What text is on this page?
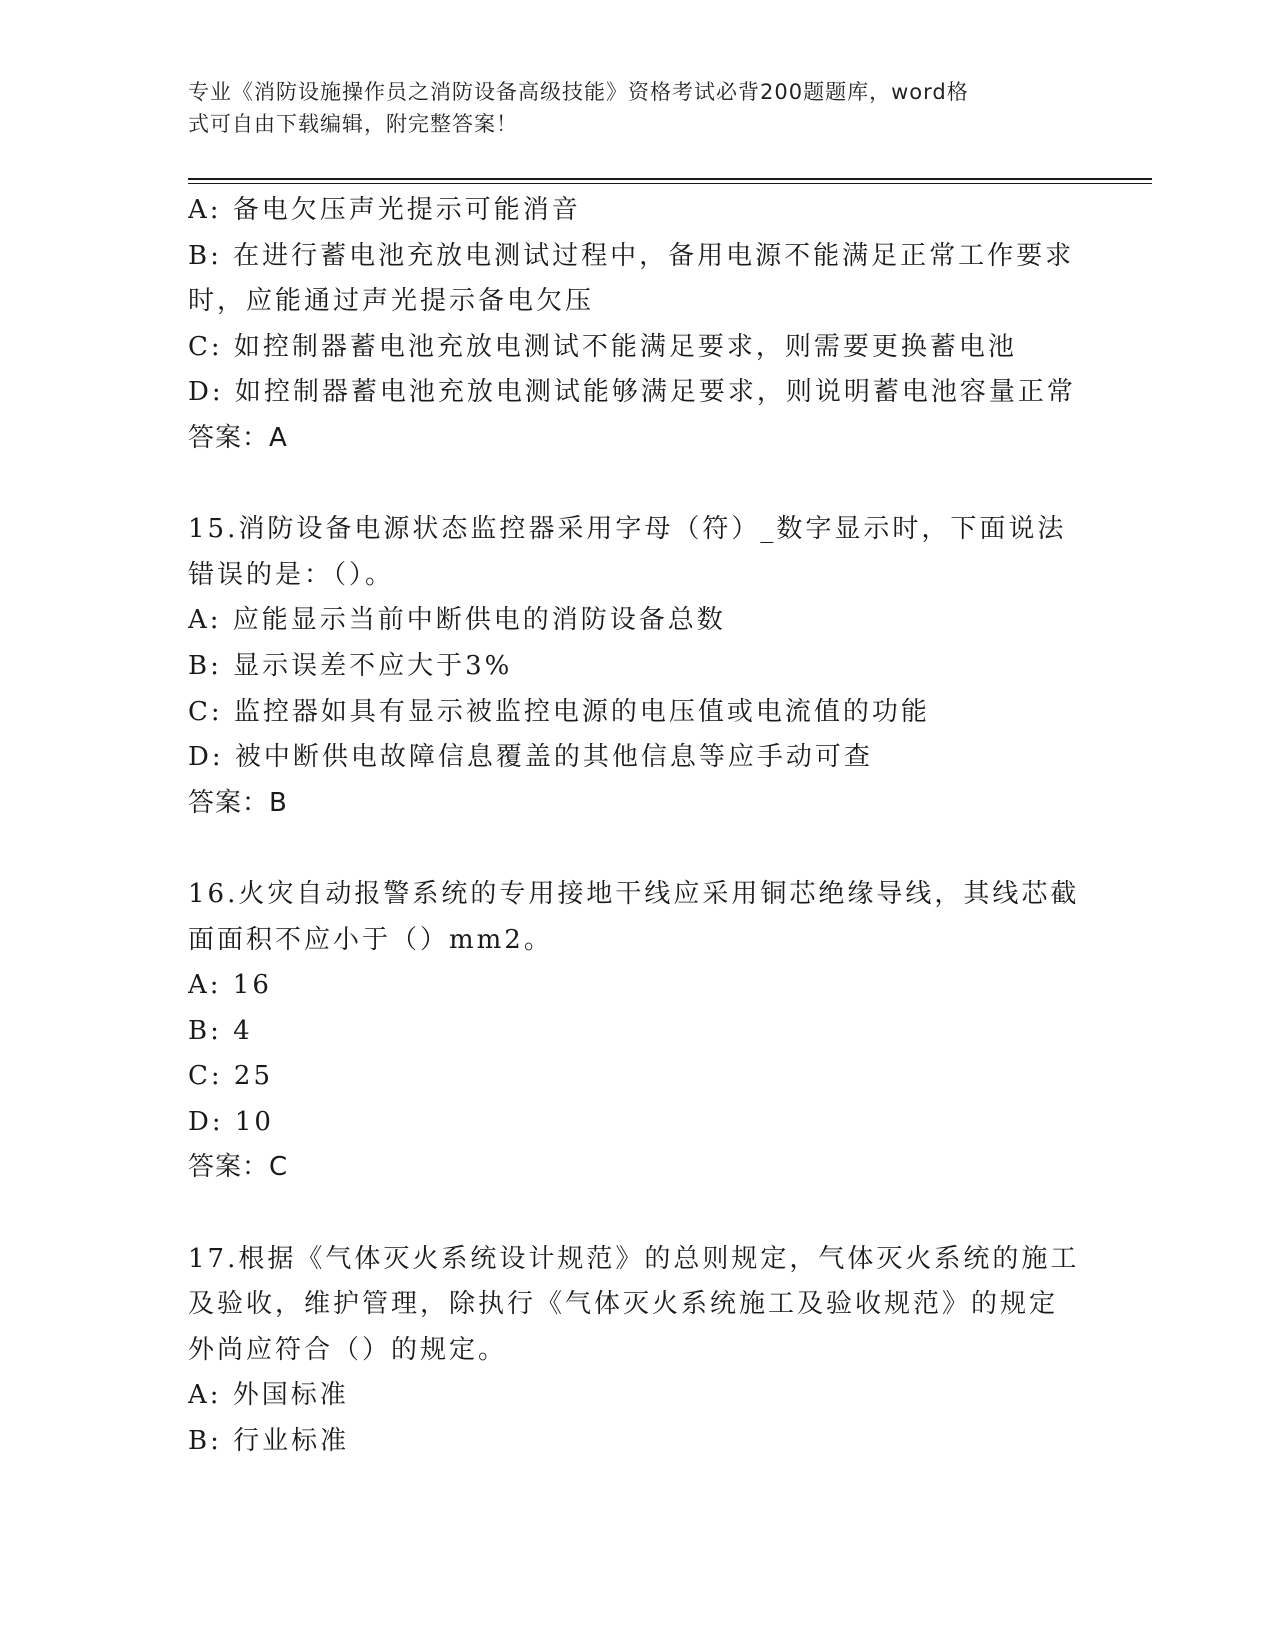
专业《消防设施操作员之消防设备高级技能》资格考试必背200题题库，word格
式可自由下载编辑，附完整答案！
A: 备电欠压声光提示可能消音
B: 在进行蓄电池充放电测试过程中，备用电源不能满足正常工作要求
时，应能通过声光提示备电欠压
C: 如控制器蓄电池充放电测试不能满足要求，则需要更换蓄电池
D: 如控制器蓄电池充放电测试能够满足要求，则说明蓄电池容量正常
答案：A
15.消防设备电源状态监控器采用字母（符）_数字显示时，下面说法
错误的是：（）。
A: 应能显示当前中断供电的消防设备总数
B: 显示误差不应大于3%
C: 监控器如具有显示被监控电源的电压值或电流值的功能
D: 被中断供电故障信息覆盖的其他信息等应手动可查
答案：B
16.火灾自动报警系统的专用接地干线应采用铜芯绝缘导线，其线芯截
面面积不应小于（）mm2。
A: 16
B: 4
C: 25
D: 10
答案：C
17.根据《气体灭火系统设计规范》的总则规定，气体灭火系统的施工
及验收，维护管理，除执行《气体灭火系统施工及验收规范》的规定
外尚应符合（）的规定。
A: 外国标准
B: 行业标准
